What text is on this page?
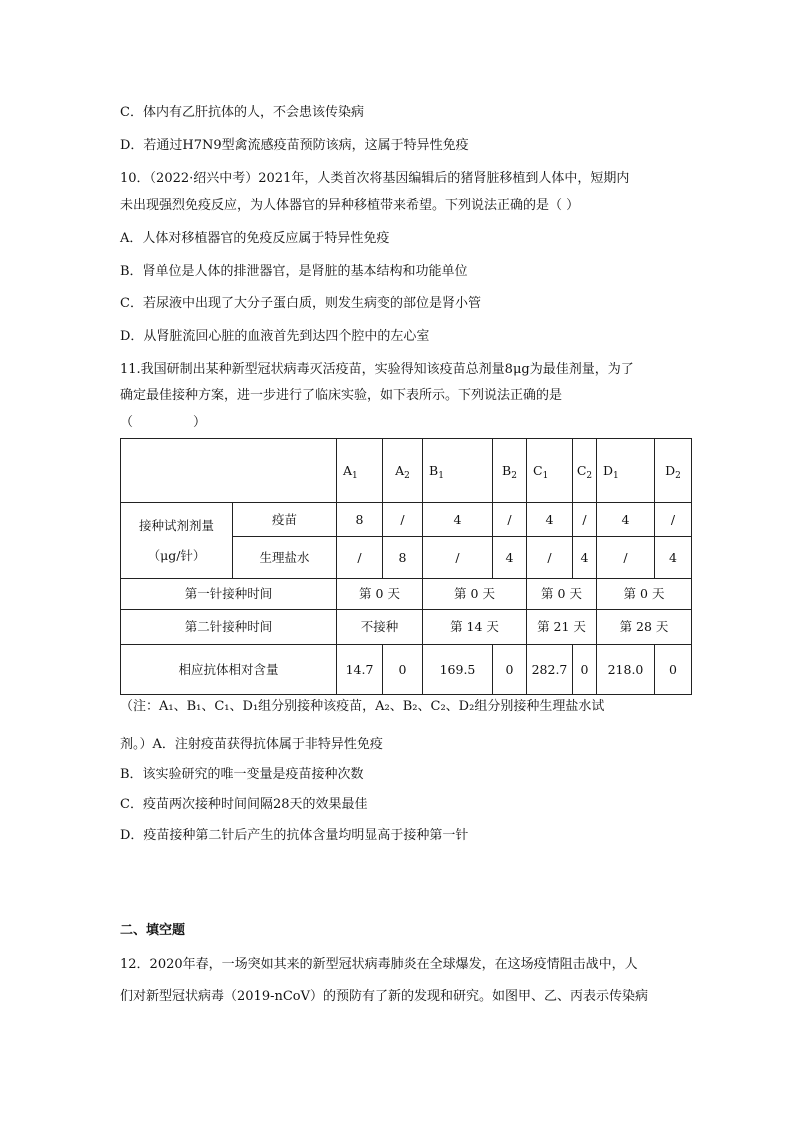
C．体内有乙肝抗体的人，不会患该传染病
D．若通过H7N9型禽流感疫苗预防该病，这属于特异性免疫
10．（2022·绍兴中考）2021年，人类首次将基因编辑后的猪肾脏移植到人体中，短期内
未出现强烈免疫反应，为人体器官的异种移植带来希望。下列说法正确的是（ ）
A．人体对移植器官的免疫反应属于特异性免疫
B．肾单位是人体的排泄器官，是肾脏的基本结构和功能单位
C．若尿液中出现了大分子蛋白质，则发生病变的部位是肾小管
D．从肾脏流回心脏的血液首先到达四个腔中的左心室
11.我国研制出某种新型冠状病毒灭活疫苗，实验得知该疫苗总剂量8μg为最佳剂量，为了
确定最佳接种方案，进一步进行了临床实验，如下表所示。下列说法正确的是
（	）
		$A_1$	$A_2$	$B_1$	$B_2$	$C_1$	$C_2$	$D_1$	$D_2$

接种试剂剂量
（μg/针）	疫苗	8	/	4	/	4	/	4	/
	生理盐水	/	8	/	4	/	4	/	4
第一针接种时间		第 0 天		第 0 天		第 0 天		第 0 天	
第二针接种时间		不接种		第 14 天		第 21 天		第 28 天	
相应抗体相对含量		14.7	0	169.5	0	282.7	0	218.0	0
（注：A₁、B₁、C₁、D₁组分别接种该疫苗，A₂、B₂、C₂、D₂组分别接种生理盐水试
剂。）A．注射疫苗获得抗体属于非特异性免疫
B．该实验研究的唯一变量是疫苗接种次数
C．疫苗两次接种时间间隔28天的效果最佳
D．疫苗接种第二针后产生的抗体含量均明显高于接种第一针
二、填空题
12．2020年春，一场突如其来的新型冠状病毒肺炎在全球爆发，在这场疫情阻击战中，人
们对新型冠状病毒（2019-nCoV）的预防有了新的发现和研究。如图甲、乙、丙表示传染病
